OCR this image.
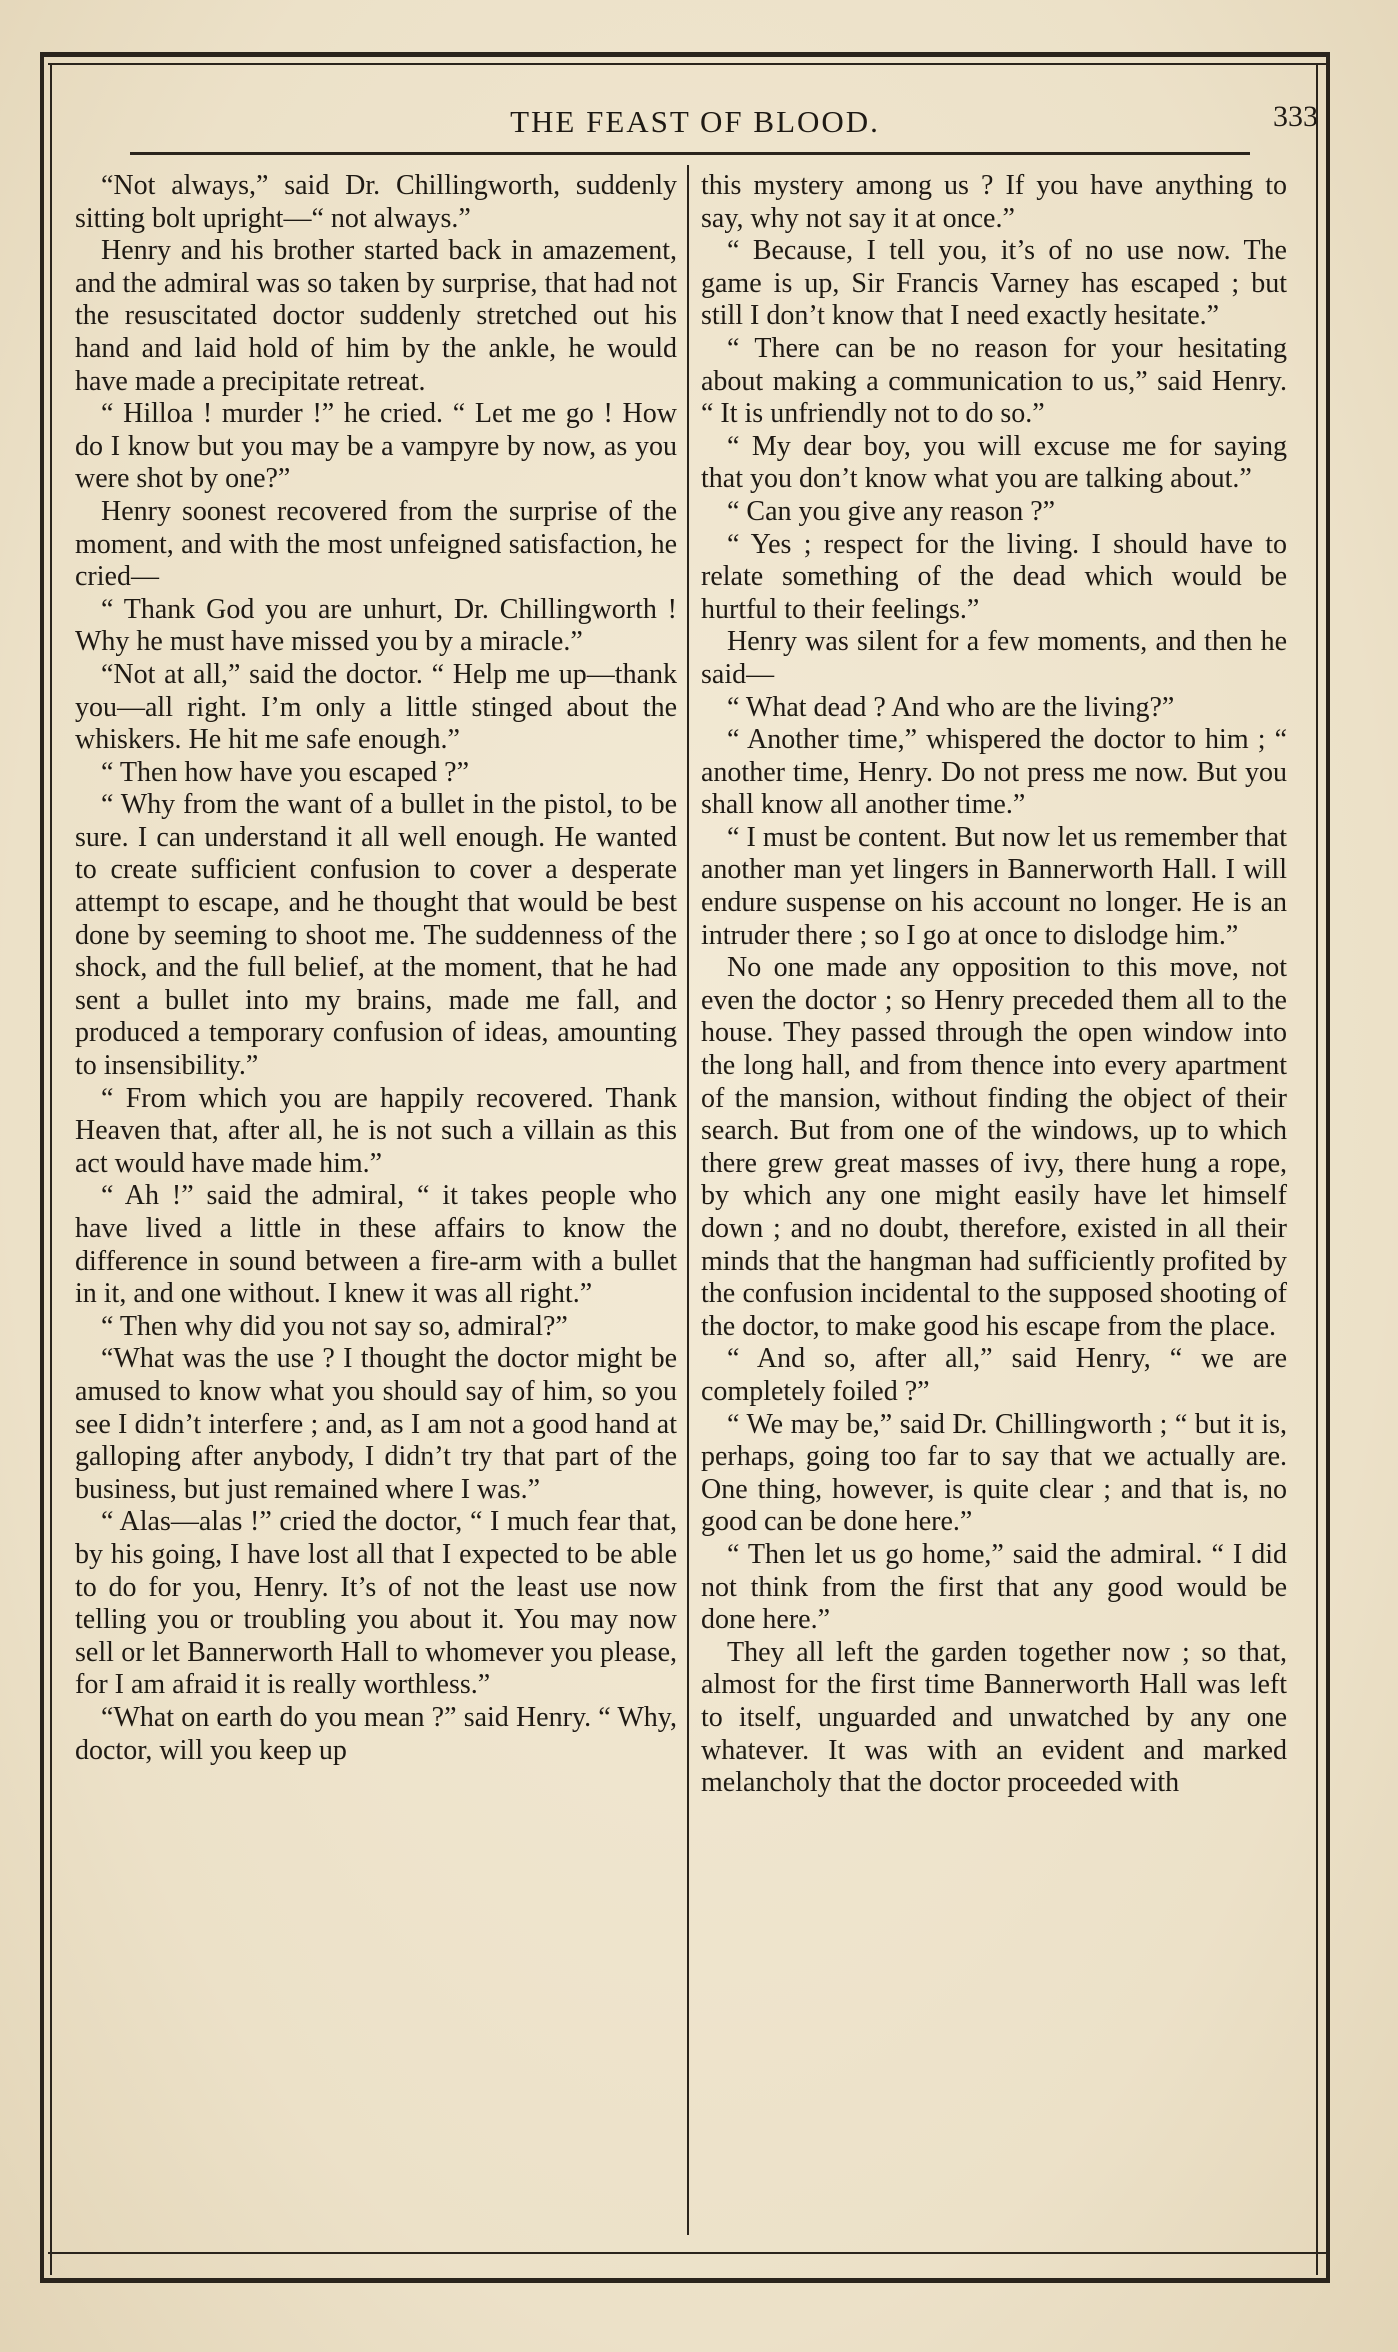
THE FEAST OF BLOOD.	333

“Not always,” said Dr. Chillingworth, suddenly sitting bolt upright—“ not always.”

Henry and his brother started back in amazement, and the admiral was so taken by surprise, that had not the resuscitated doctor suddenly stretched out his hand and laid hold of him by the ankle, he would have made a precipitate retreat.

“ Hilloa ! murder !” he cried. “ Let me go ! How do I know but you may be a vampyre by now, as you were shot by one?”

Henry soonest recovered from the surprise of the moment, and with the most unfeigned satisfaction, he cried—

“ Thank God you are unhurt, Dr. Chillingworth ! Why he must have missed you by a miracle.”

“Not at all,” said the doctor. “ Help me up—thank you—all right. I’m only a little stinged about the whiskers. He hit me safe enough.”

“ Then how have you escaped ?”

“ Why from the want of a bullet in the pistol, to be sure. I can understand it all well enough. He wanted to create sufficient confusion to cover a desperate attempt to escape, and he thought that would be best done by seeming to shoot me. The suddenness of the shock, and the full belief, at the moment, that he had sent a bullet into my brains, made me fall, and produced a temporary confusion of ideas, amounting to insensibility.”

“ From which you are happily recovered. Thank Heaven that, after all, he is not such a villain as this act would have made him.”

“ Ah !” said the admiral, “ it takes people who have lived a little in these affairs to know the difference in sound between a fire-arm with a bullet in it, and one without. I knew it was all right.”

“ Then why did you not say so, admiral?”

“What was the use ? I thought the doctor might be amused to know what you should say of him, so you see I didn’t interfere ; and, as I am not a good hand at galloping after anybody, I didn’t try that part of the business, but just remained where I was.”

“ Alas—alas !” cried the doctor, “ I much fear that, by his going, I have lost all that I expected to be able to do for you, Henry. It’s of not the least use now telling you or troubling you about it. You may now sell or let Bannerworth Hall to whomever you please, for I am afraid it is really worthless.”

“What on earth do you mean ?” said Henry. “ Why, doctor, will you keep up

this mystery among us ? If you have anything to say, why not say it at once.”

“ Because, I tell you, it’s of no use now. The game is up, Sir Francis Varney has escaped ; but still I don’t know that I need exactly hesitate.”

“ There can be no reason for your hesitating about making a communication to us,” said Henry. “ It is unfriendly not to do so.”

“ My dear boy, you will excuse me for saying that you don’t know what you are talking about.”

“ Can you give any reason ?”

“ Yes ; respect for the living. I should have to relate something of the dead which would be hurtful to their feelings.”

Henry was silent for a few moments, and then he said—

“ What dead ? And who are the living?”

“ Another time,” whispered the doctor to him ; “ another time, Henry. Do not press me now. But you shall know all another time.”

“ I must be content. But now let us remember that another man yet lingers in Bannerworth Hall. I will endure suspense on his account no longer. He is an intruder there ; so I go at once to dislodge him.”

No one made any opposition to this move, not even the doctor ; so Henry preceded them all to the house. They passed through the open window into the long hall, and from thence into every apartment of the mansion, without finding the object of their search. But from one of the windows, up to which there grew great masses of ivy, there hung a rope, by which any one might easily have let himself down ; and no doubt, therefore, existed in all their minds that the hangman had sufficiently profited by the confusion incidental to the supposed shooting of the doctor, to make good his escape from the place.

“ And so, after all,” said Henry, “ we are completely foiled ?”

“ We may be,” said Dr. Chillingworth ; “ but it is, perhaps, going too far to say that we actually are. One thing, however, is quite clear ; and that is, no good can be done here.”

“ Then let us go home,” said the admiral. “ I did not think from the first that any good would be done here.”

They all left the garden together now ; so that, almost for the first time Bannerworth Hall was left to itself, unguarded and unwatched by any one whatever. It was with an evident and marked melancholy that the doctor proceeded with
